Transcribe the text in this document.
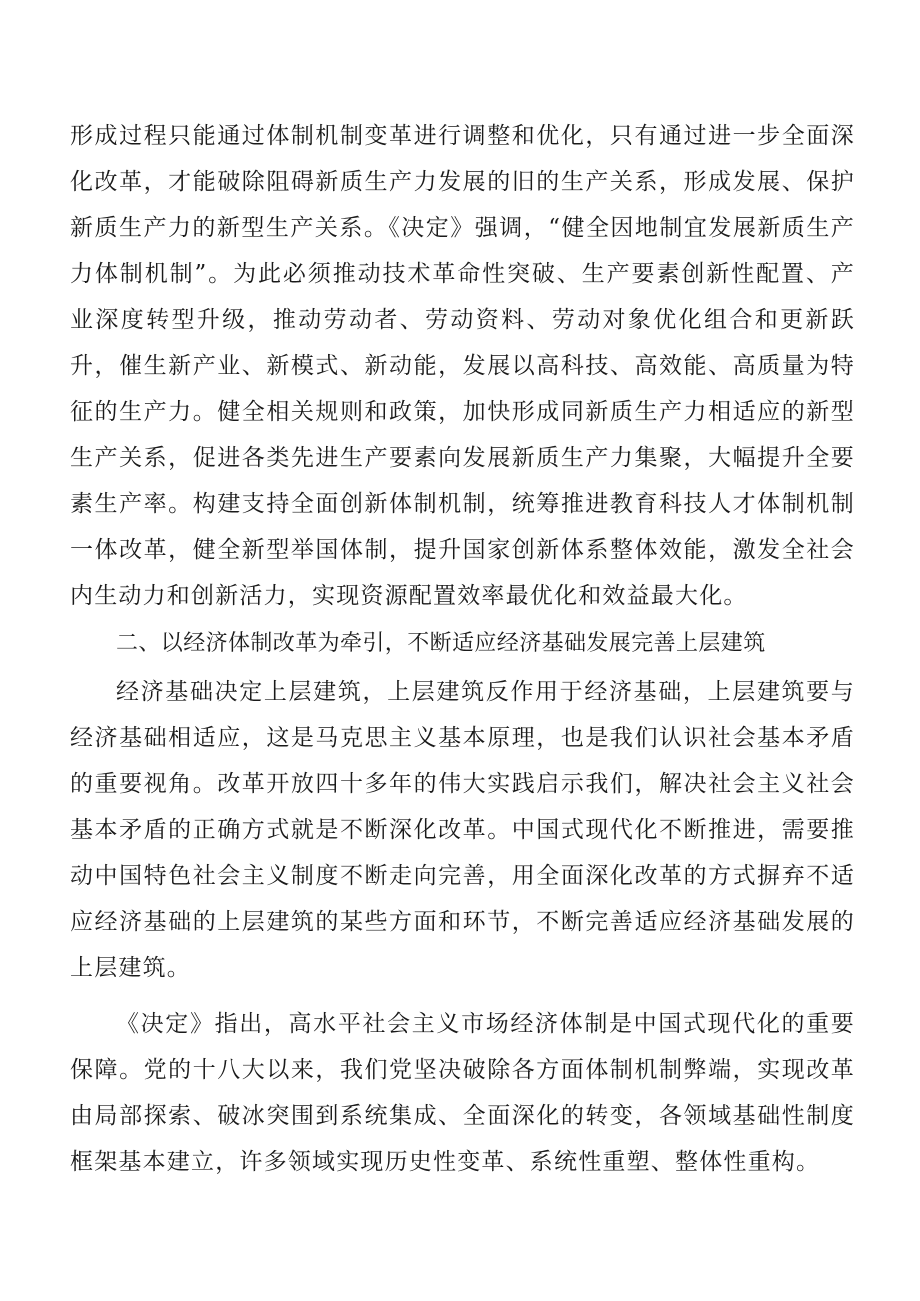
形成过程只能通过体制机制变革进行调整和优化，只有通过进一步全面深化改革，才能破除阻碍新质生产力发展的旧的生产关系，形成发展、保护新质生产力的新型生产关系。《决定》强调，“健全因地制宜发展新质生产力体制机制”。为此必须推动技术革命性突破、生产要素创新性配置、产业深度转型升级，推动劳动者、劳动资料、劳动对象优化组合和更新跃升，催生新产业、新模式、新动能，发展以高科技、高效能、高质量为特征的生产力。健全相关规则和政策，加快形成同新质生产力相适应的新型生产关系，促进各类先进生产要素向发展新质生产力集聚，大幅提升全要素生产率。构建支持全面创新体制机制，统筹推进教育科技人才体制机制一体改革，健全新型举国体制，提升国家创新体系整体效能，激发全社会内生动力和创新活力，实现资源配置效率最优化和效益最大化。

二、以经济体制改革为牵引，不断适应经济基础发展完善上层建筑

经济基础决定上层建筑，上层建筑反作用于经济基础，上层建筑要与经济基础相适应，这是马克思主义基本原理，也是我们认识社会基本矛盾的重要视角。改革开放四十多年的伟大实践启示我们，解决社会主义社会基本矛盾的正确方式就是不断深化改革。中国式现代化不断推进，需要推动中国特色社会主义制度不断走向完善，用全面深化改革的方式摒弃不适应经济基础的上层建筑的某些方面和环节，不断完善适应经济基础发展的上层建筑。

《决定》指出，高水平社会主义市场经济体制是中国式现代化的重要保障。党的十八大以来，我们党坚决破除各方面体制机制弊端，实现改革由局部探索、破冰突围到系统集成、全面深化的转变，各领域基础性制度框架基本建立，许多领域实现历史性变革、系统性重塑、整体性重构。
